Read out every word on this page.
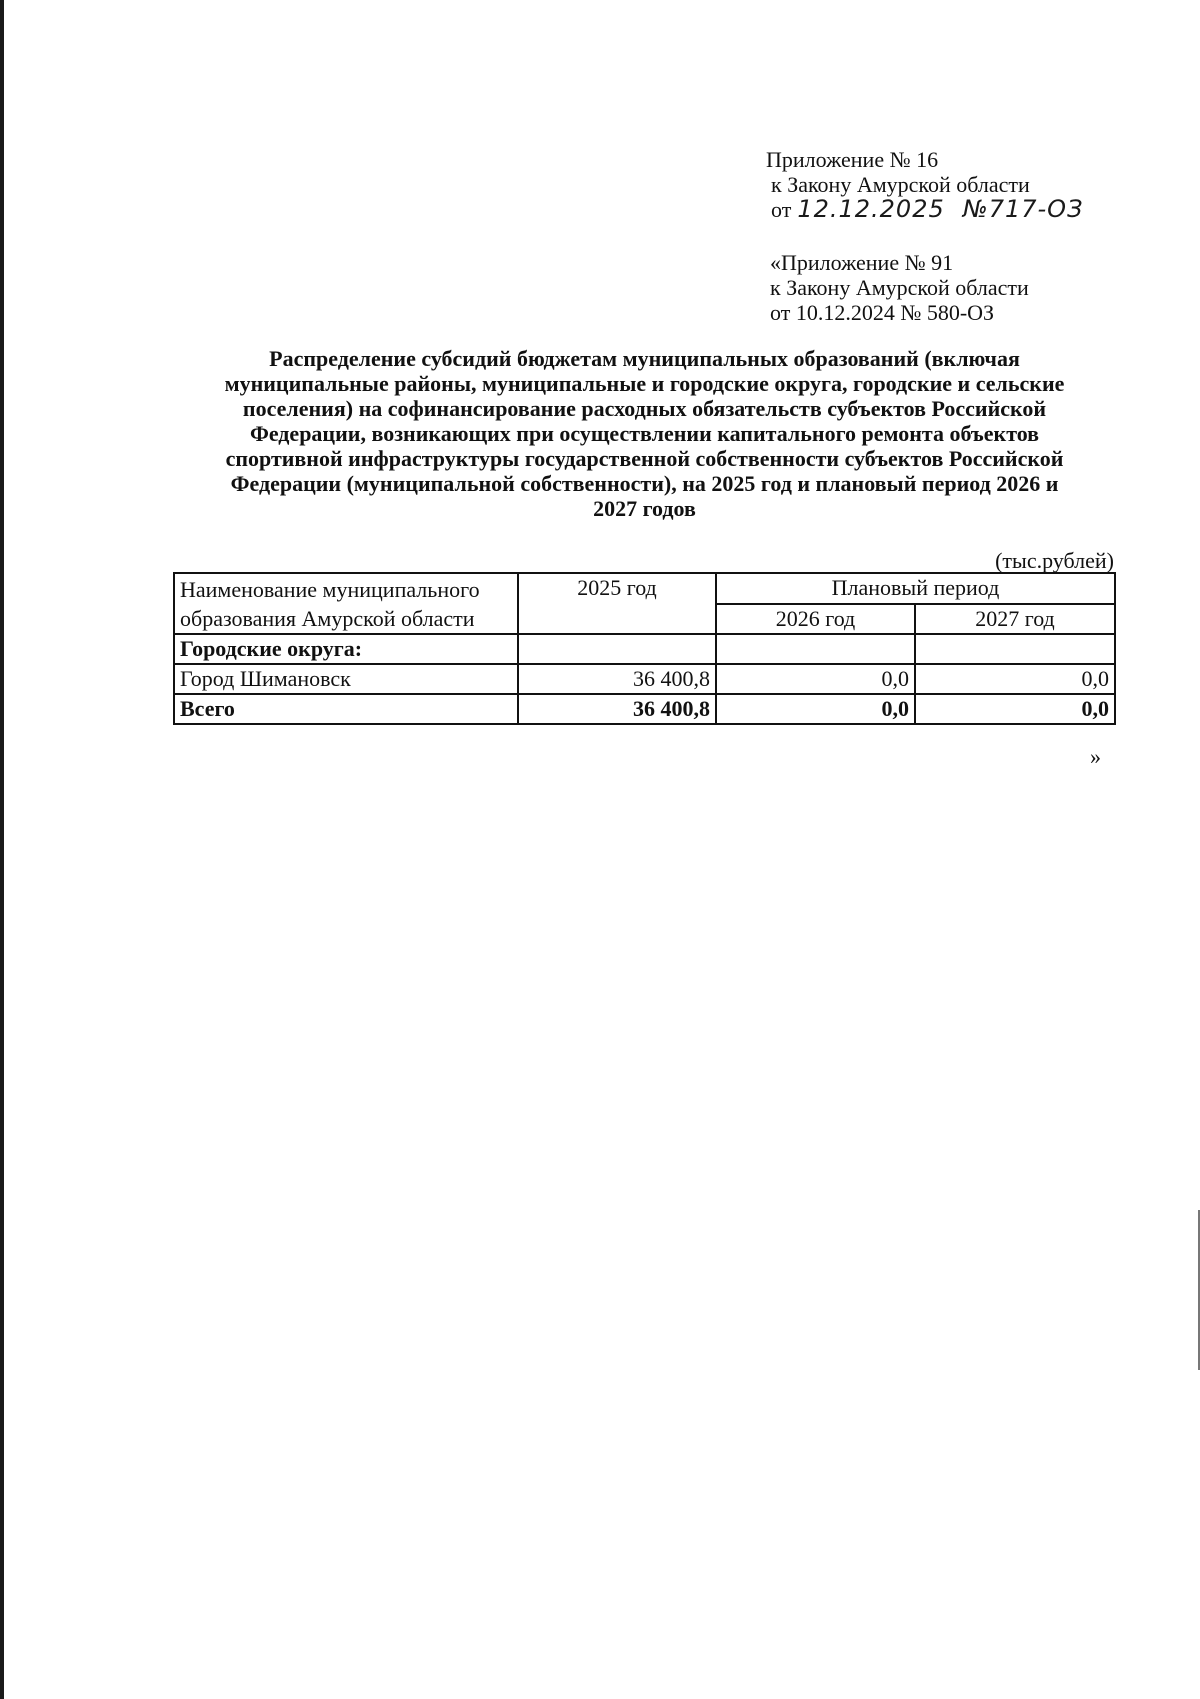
Приложение № 16
к Закону Амурской области
от 12.12.2025 №717-ОЗ
«Приложение № 91
к Закону Амурской области
от 10.12.2024 № 580-ОЗ
Распределение субсидий бюджетам муниципальных образований (включая
муниципальные районы, муниципальные и городские округа, городские и сельские
поселения) на софинансирование расходных обязательств субъектов Российской
Федерации, возникающих при осуществлении капитального ремонта объектов
спортивной инфраструктуры государственной собственности субъектов Российской
Федерации (муниципальной собственности), на 2025 год и плановый период 2026 и
2027 годов
(тыс.рублей)
Наименование муниципального
образования Амурской области	2025 год	Плановый период	
		2026 год	2027 год
Городские округа:			
Город Шимановск	36 400,8	0,0	0,0
Всего	36 400,8	0,0	0,0
»
